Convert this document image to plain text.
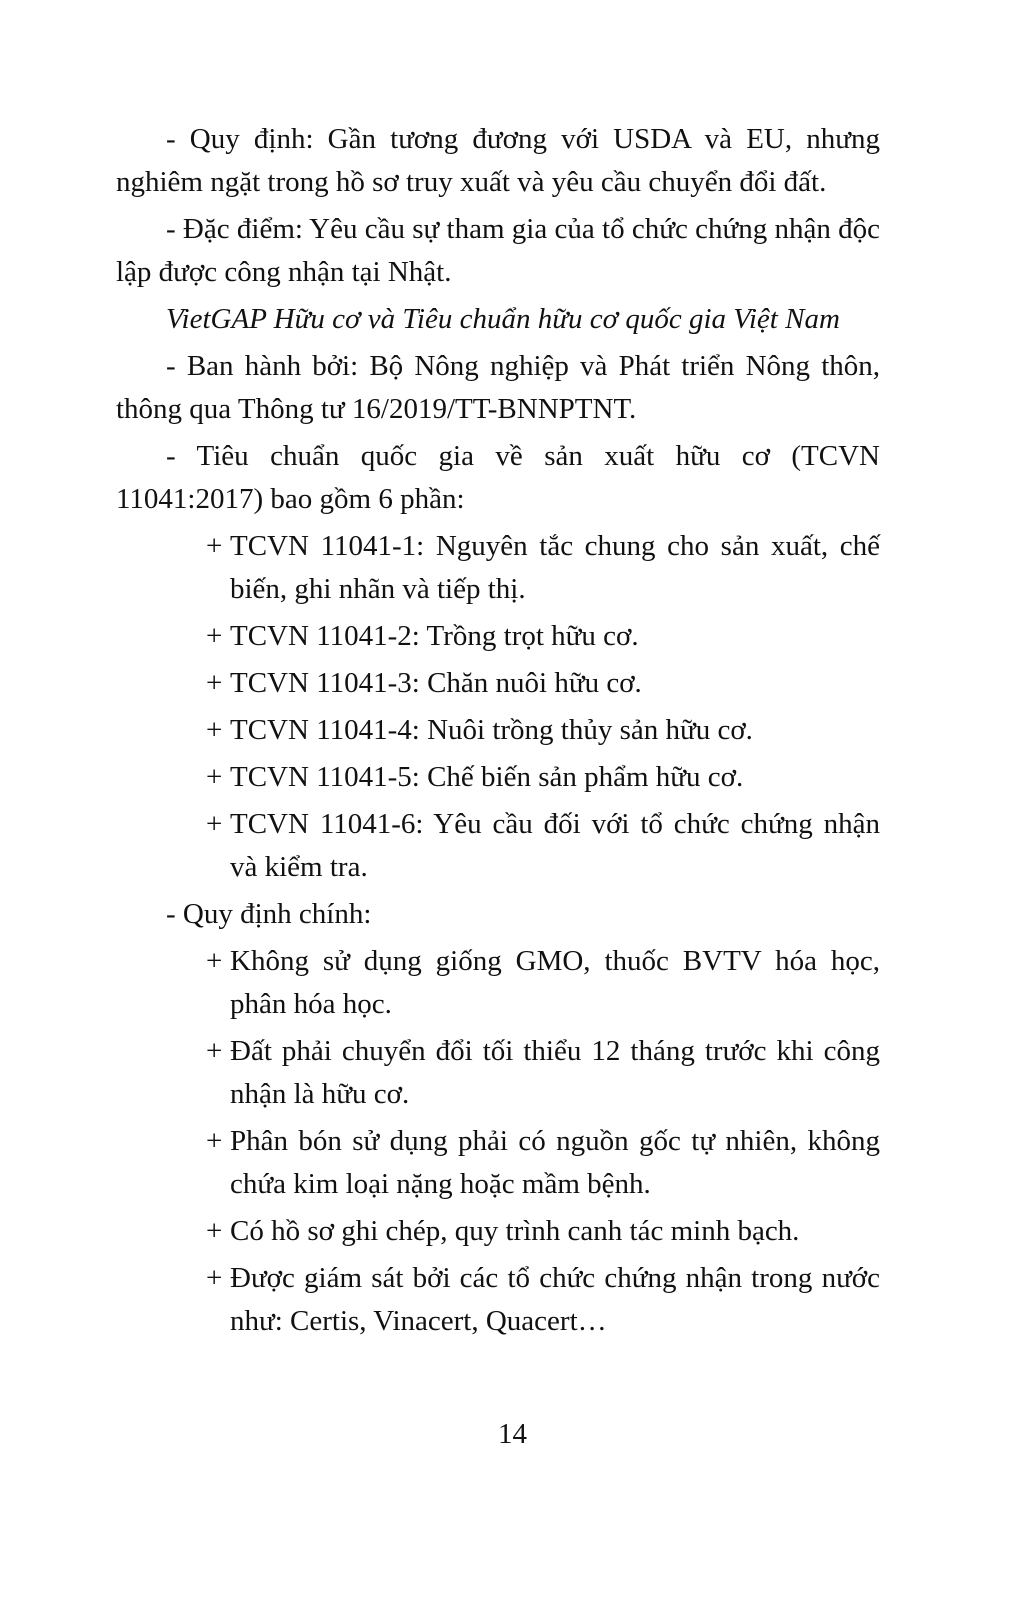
- Quy định: Gần tương đương với USDA và EU, nhưng nghiêm ngặt trong hồ sơ truy xuất và yêu cầu chuyển đổi đất.

- Đặc điểm: Yêu cầu sự tham gia của tổ chức chứng nhận độc lập được công nhận tại Nhật.

VietGAP Hữu cơ và Tiêu chuẩn hữu cơ quốc gia Việt Nam

- Ban hành bởi: Bộ Nông nghiệp và Phát triển Nông thôn, thông qua Thông tư 16/2019/TT-BNNPTNT.

- Tiêu chuẩn quốc gia về sản xuất hữu cơ (TCVN 11041:2017) bao gồm 6 phần:

+ TCVN 11041-1: Nguyên tắc chung cho sản xuất, chế biến, ghi nhãn và tiếp thị.
+ TCVN 11041-2: Trồng trọt hữu cơ.
+ TCVN 11041-3: Chăn nuôi hữu cơ.
+ TCVN 11041-4: Nuôi trồng thủy sản hữu cơ.
+ TCVN 11041-5: Chế biến sản phẩm hữu cơ.
+ TCVN 11041-6: Yêu cầu đối với tổ chức chứng nhận và kiểm tra.

- Quy định chính:

+ Không sử dụng giống GMO, thuốc BVTV hóa học, phân hóa học.
+ Đất phải chuyển đổi tối thiểu 12 tháng trước khi công nhận là hữu cơ.
+ Phân bón sử dụng phải có nguồn gốc tự nhiên, không chứa kim loại nặng hoặc mầm bệnh.
+ Có hồ sơ ghi chép, quy trình canh tác minh bạch.
+ Được giám sát bởi các tổ chức chứng nhận trong nước như: Certis, Vinacert, Quacert…
14
